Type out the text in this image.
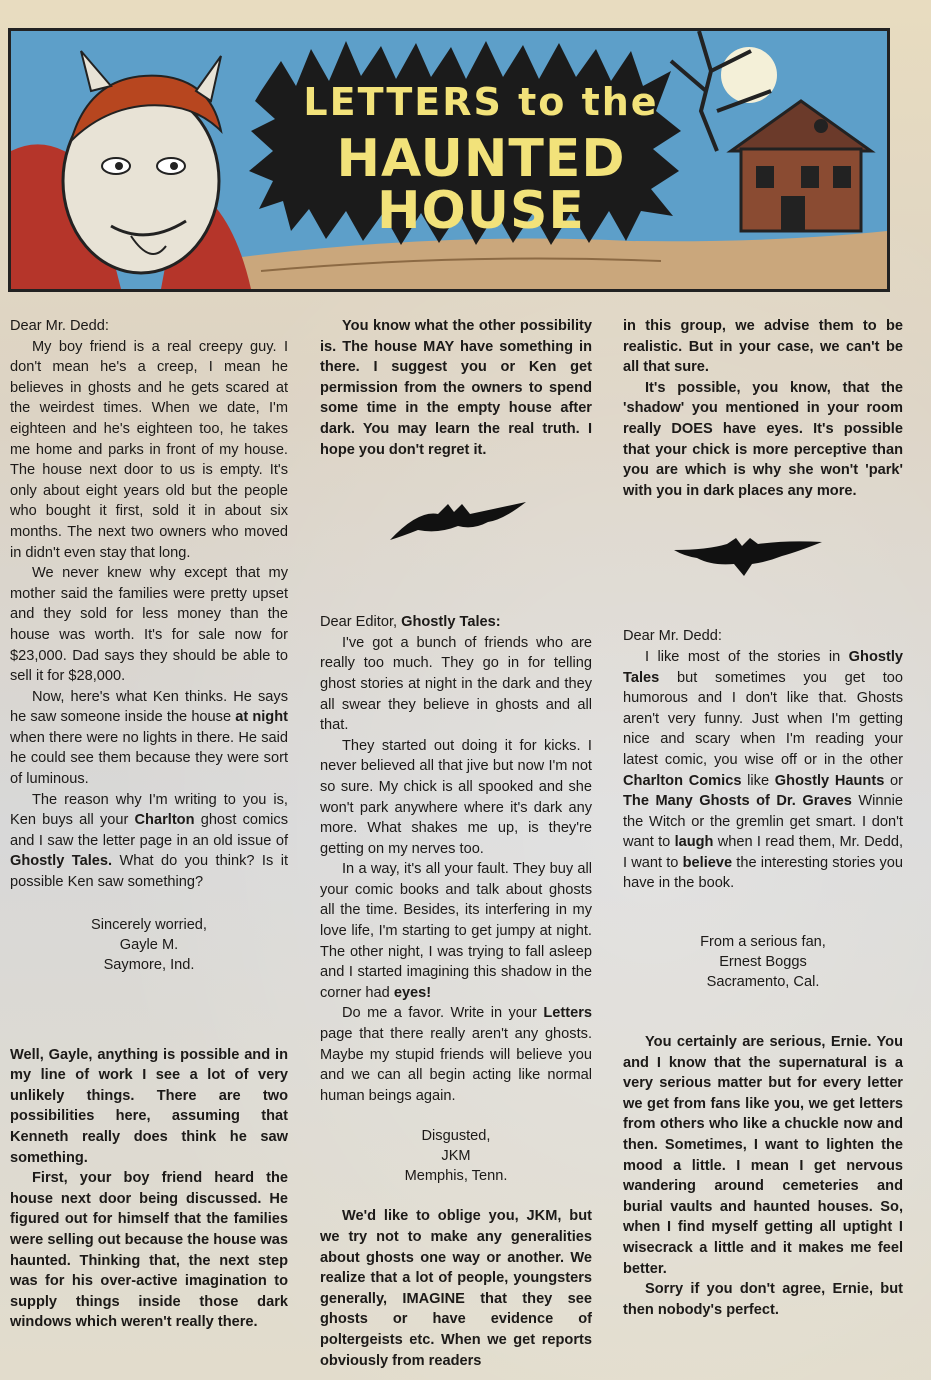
LETTERS to the
HAUNTED HOUSE

Dear Mr. Dedd:

My boy friend is a real creepy guy. I don't mean he's a creep, I mean he believes in ghosts and he gets scared at the weirdest times. When we date, I'm eighteen and he's eighteen too, he takes me home and parks in front of my house. The house next door to us is empty. It's only about eight years old but the people who bought it first, sold it in about six months. The next two owners who moved in didn't even stay that long.

We never knew why except that my mother said the families were pretty upset and they sold for less money than the house was worth. It's for sale now for $23,000. Dad says they should be able to sell it for $28,000.

Now, here's what Ken thinks. He says he saw someone inside the house at night when there were no lights in there. He said he could see them because they were sort of luminous.

The reason why I'm writing to you is, Ken buys all your Charlton ghost comics and I saw the letter page in an old issue of Ghostly Tales. What do you think? Is it possible Ken saw something?

Sincerely worried,
Gayle M.
Saymore, Ind.

Well, Gayle, anything is possible and in my line of work I see a lot of very unlikely things. There are two possibilities here, assuming that Kenneth really does think he saw something.

First, your boy friend heard the house next door being discussed. He figured out for himself that the families were selling out because the house was haunted. Thinking that, the next step was for his over-active imagination to supply things inside those dark windows which weren't really there.

You know what the other possibility is. The house MAY have something in there. I suggest you or Ken get permission from the owners to spend some time in the empty house after dark. You may learn the real truth. I hope you don't regret it.

Dear Editor, Ghostly Tales:

I've got a bunch of friends who are really too much. They go in for telling ghost stories at night in the dark and they all swear they believe in ghosts and all that.

They started out doing it for kicks. I never believed all that jive but now I'm not so sure. My chick is all spooked and she won't park anywhere where it's dark any more. What shakes me up, is they're getting on my nerves too.

In a way, it's all your fault. They buy all your comic books and talk about ghosts all the time. Besides, its interfering in my love life, I'm starting to get jumpy at night. The other night, I was trying to fall asleep and I started imagining this shadow in the corner had eyes!

Do me a favor. Write in your Letters page that there really aren't any ghosts. Maybe my stupid friends will believe you and we can all begin acting like normal human beings again.

Disgusted,
JKM
Memphis, Tenn.

We'd like to oblige you, JKM, but we try not to make any generalities about ghosts one way or another. We realize that a lot of people, youngsters generally, IMAGINE that they see ghosts or have evidence of poltergeists etc. When we get reports obviously from readers

in this group, we advise them to be realistic. But in your case, we can't be all that sure.

It's possible, you know, that the 'shadow' you mentioned in your room really DOES have eyes. It's possible that your chick is more perceptive than you are which is why she won't 'park' with you in dark places any more.

Dear Mr. Dedd:

I like most of the stories in Ghostly Tales but sometimes you get too humorous and I don't like that. Ghosts aren't very funny. Just when I'm getting nice and scary when I'm reading your latest comic, you wise off or in the other Charlton Comics like Ghostly Haunts or The Many Ghosts of Dr. Graves Winnie the Witch or the gremlin get smart. I don't want to laugh when I read them, Mr. Dedd, I want to believe the interesting stories you have in the book.

From a serious fan,
Ernest Boggs
Sacramento, Cal.

You certainly are serious, Ernie. You and I know that the supernatural is a very serious matter but for every letter we get from fans like you, we get letters from others who like a chuckle now and then. Sometimes, I want to lighten the mood a little. I mean I get nervous wandering around cemeteries and burial vaults and haunted houses. So, when I find myself getting all uptight I wisecrack a little and it makes me feel better.

Sorry if you don't agree, Ernie, but then nobody's perfect.
